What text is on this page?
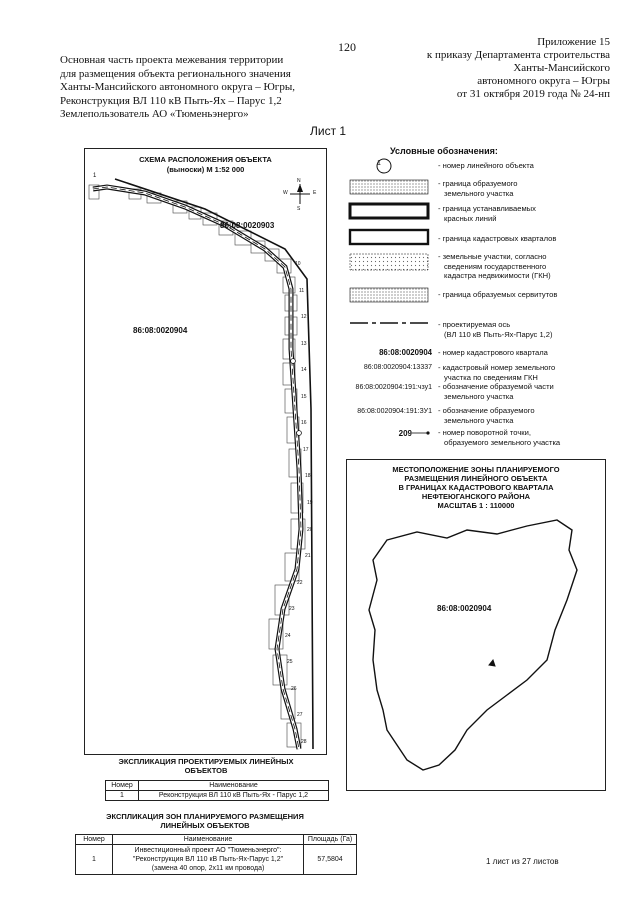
120	Приложение 15
к приказу Департамента строительства
Ханты-Мансийского
автономного округа – Югры
от 31 октября 2019 года № 24-нп
Основная часть проекта межевания территории
для размещения объекта регионального значения
Ханты-Мансийского автономного округа – Югры,
Реконструкция ВЛ 110 кВ Пыть-Ях – Парус 1,2
Землепользователь АО «Тюменьэнерго»
Лист 1
СХЕМА РАСПОЛОЖЕНИЯ ОБЪЕКТА
(выноски) М 1:52 000
1
N
W	E
S
86:08:0020903
86:08:0020904
10
11
12
13
14
15
16
17
18
19
20
21
22
23
24
25
26
27
28
Условные обозначения:
1	- номер линейного объекта
- граница образуемого
земельного участка
- граница устанавливаемых
красных линий
- граница кадастровых кварталов
- земельные участки, согласно
сведениям государственного
кадастра недвижимости (ГКН)
- граница образуемых сервитутов
- проектируемая ось
(ВЛ 110 кВ Пыть-Ях-Парус 1,2)
86:08:0020904 - номер кадастрового квартала
86:08:0020904:13337 - кадастровый номер земельного
участка по сведениям ГКН
86:08:0020904:191:чзу1 - обозначение образуемой части
земельного участка
86:08:0020904:191:ЗУ1 - обозначение образуемого
земельного участка
209	- номер поворотной точки,
образуемого земельного участка
МЕСТОПОЛОЖЕНИЕ ЗОНЫ ПЛАНИРУЕМОГО
РАЗМЕЩЕНИЯ ЛИНЕЙНОГО ОБЪЕКТА
В ГРАНИЦАХ КАДАСТРОВОГО КВАРТАЛА
НЕФТЕЮГАНСКОГО РАЙОНА
МАСШТАБ 1 : 110000
86:08:0020904
ЭКСПЛИКАЦИЯ ПРОЕКТИРУЕМЫХ ЛИНЕЙНЫХ
ОБЪЕКТОВ
Номер	Наименование
1	Реконструкция ВЛ 110 кВ Пыть-Ях - Парус 1,2
ЭКСПЛИКАЦИЯ ЗОН ПЛАНИРУЕМОГО РАЗМЕЩЕНИЯ
ЛИНЕЙНЫХ ОБЪЕКТОВ
Номер	Наименование	Площадь (Га)
1	Инвестиционный проект АО "Тюменьэнерго":
"Реконструкция ВЛ 110 кВ Пыть-Ях-Парус 1,2"
(замена 40 опор, 2х11 км провода)	57,5804	1 лист из 27 листов
